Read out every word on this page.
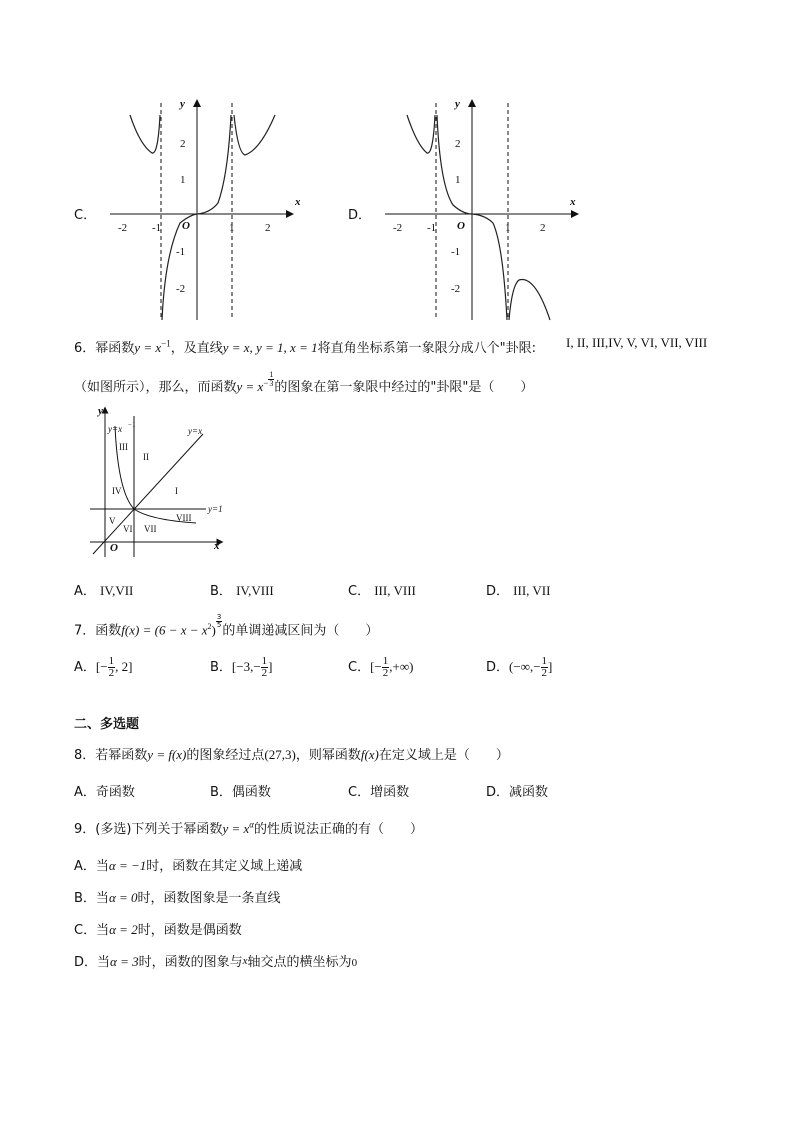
C．
y
x
O
-2 -1	1	2
2
1
-1
-2
D．
y
x
O
-2 -1	1	2
2
1
-1
-2
6．幂函数$y = x^{-1}$，及直线y = x, y = 1, x = 1将直角坐标系第一象限分成八个"卦限: I, II, III,IV, V, VI, VII, VIII
（如图所示），那么，而函数$y = x^{- \frac{1}{3}}$ 的图象在第一象限中经过的"卦限"是（　　）
y
x
O
y=x −1
y=x
y=1
III
II
IV	I
V
VI VII
VIII
A． IV,VII	B． IV,VIII	C． III, VIII	D． III, VII
7．函数$f(x) = (6 - x - x^2)$
$^{\frac{3}{5}}$
的单调递减区间为（　　）
A．[− $\frac{1}{2}$ , 2]	B．[$-3,- \frac{1}{2}$ ]	C．[− $\frac{1}{2}$ ,+∞)	D．(−∞,− $\frac{1}{2}$ ]
二、多选题
8．若幂函数y = f(x)的图象经过点(27,3)，则幂函数f(x)在定义域上是（　　）
A．奇函数	B．偶函数	C．增函数	D．减函数
9．(多选)下列关于幂函数$y = x^\alpha$的性质说法正确的有（　　）
A．当α = −1时，函数在其定义域上递减
B．当α = 0时，函数图象是一条直线
C．当α = 2时，函数是偶函数
D．当α = 3时，函数的图象与x轴交点的横坐标为0
